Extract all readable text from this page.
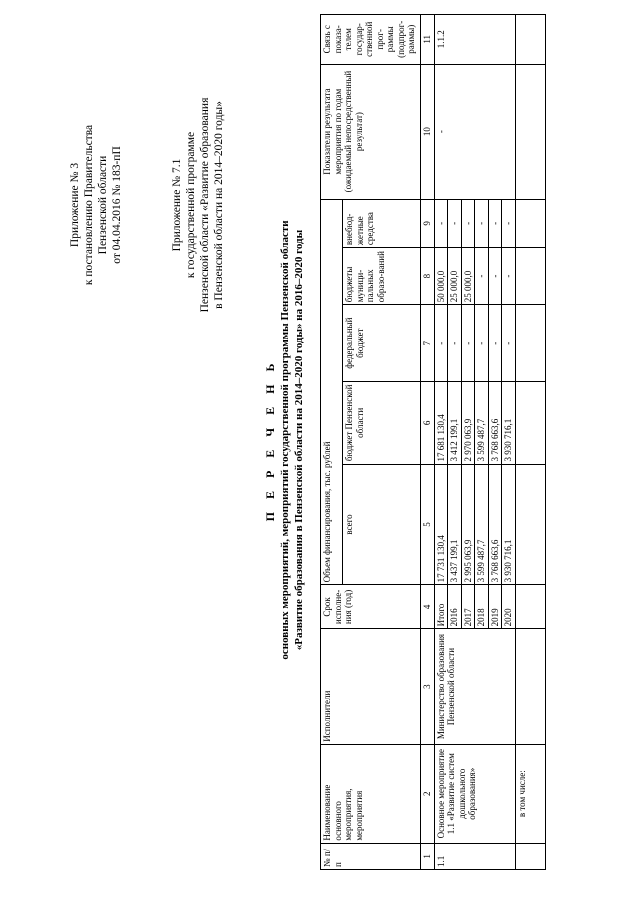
Приложение № 3 к постановлению Правительства Пензенской области от 04.04.2016 № 183-пП	Приложение № 7.1 к государственной программе Пензенской области «Развитие образования в Пензенской области на 2014–2020 годы»
П Е Р Е Ч Е Н Ь основных мероприятий, мероприятий государственной программы Пензенской области «Развитие образования в Пензенской области на 2014–2020 годы» на 2016–2020 годы
№ п/п	Наименование основного мероприятия, мероприятия	Исполнители	Срок исполне-ния (год)	Объем финансирования, тыс. рублей					Показатели результата мероприятия по годам (ожидаемый непосредственный результат)	Связь с показа-телем государ-ственной прог-раммы (подпрог-раммы)
				всего	бюджет Пензенской области	федеральный бюджет	бюджеты муници-пальных образо-ваний	внебюд-жетные средства		
1	2	3	4	5	6	7	8	9	10	11
1.1	Основное мероприятие 1.1 «Развитие систем дошкольного образования»	Министерство образования Пензенской области	Итого	17 731 130,4	17 681 130,4	-	50 000,0	-	-	1.1.2
			2016	3 437 199,1	3 412 199,1	-	25 000,0	-		
			2017	2 995 063,9	2 970 063,9	-	25 000,0	-		
			2018	3 599 487,7	3 599 487,7	-	-	-		
			2019	3 768 663,6	3 768 663,6	-	-	-		
			2020	3 930 716,1	3 930 716,1	-	-	-		
	в том числе:									
